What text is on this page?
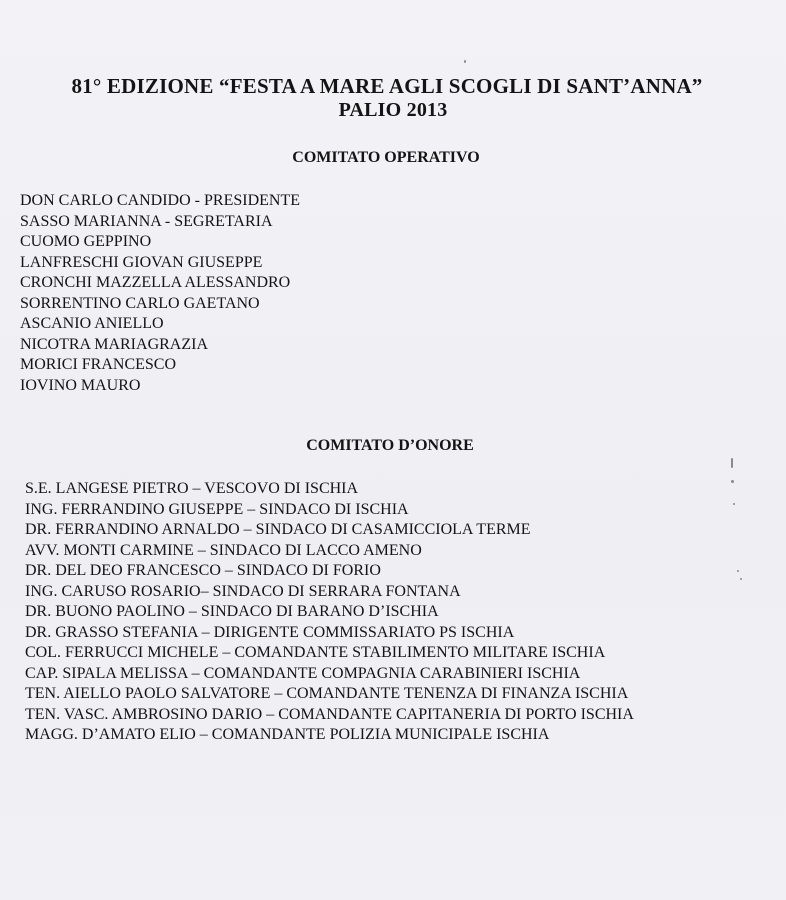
81° EDIZIONE “FESTA A MARE AGLI SCOGLI DI SANT’ANNA”
PALIO 2013
COMITATO OPERATIVO
DON CARLO CANDIDO - PRESIDENTE
SASSO MARIANNA - SEGRETARIA
CUOMO GEPPINO
LANFRESCHI GIOVAN GIUSEPPE
CRONCHI MAZZELLA ALESSANDRO
SORRENTINO CARLO GAETANO
ASCANIO ANIELLO
NICOTRA MARIAGRAZIA
MORICI FRANCESCO
IOVINO MAURO
COMITATO D’ONORE
S.E. LANGESE PIETRO – VESCOVO DI ISCHIA
ING. FERRANDINO GIUSEPPE – SINDACO DI ISCHIA
DR. FERRANDINO ARNALDO – SINDACO DI CASAMICCIOLA TERME
AVV. MONTI CARMINE – SINDACO DI LACCO AMENO
DR. DEL DEO FRANCESCO – SINDACO DI FORIO
ING. CARUSO ROSARIO– SINDACO DI SERRARA FONTANA
DR. BUONO PAOLINO – SINDACO DI BARANO D’ISCHIA
DR. GRASSO STEFANIA – DIRIGENTE COMMISSARIATO PS ISCHIA
COL. FERRUCCI MICHELE – COMANDANTE STABILIMENTO MILITARE ISCHIA
CAP. SIPALA MELISSA – COMANDANTE COMPAGNIA CARABINIERI ISCHIA
TEN. AIELLO PAOLO SALVATORE – COMANDANTE TENENZA DI FINANZA ISCHIA
TEN. VASC. AMBROSINO DARIO – COMANDANTE CAPITANERIA DI PORTO ISCHIA
MAGG. D’AMATO ELIO – COMANDANTE POLIZIA MUNICIPALE ISCHIA
